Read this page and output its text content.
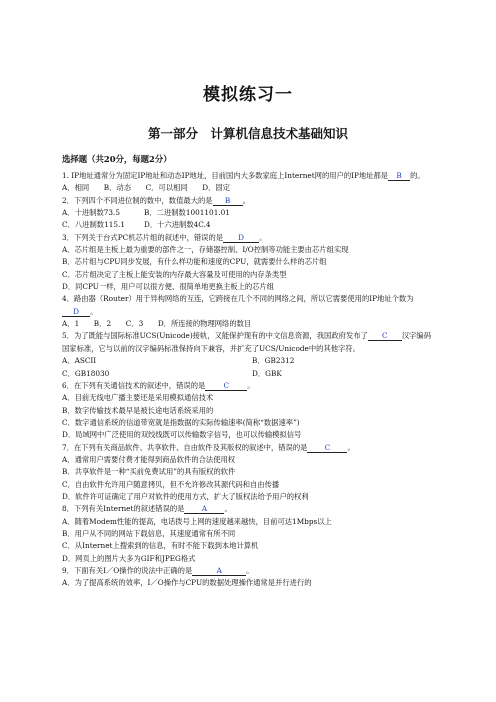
模拟练习一
第一部分　计算机信息技术基础知识
选择题（共20分，每题2分）
1. IP地址通常分为固定IP地址和动态IP地址，目前国内大多数家庭上Internet网的用户的IP地址都是 B 的。
A．相同　　B．动态　　C．可以相同　　D．固定
2．下列四个不同进位制的数中，数值最大的是 B 。
A．十进制数73.5	B．二进制数1001101.01
C．八进制数115.1	D．十六进制数4C.4
3．下列关于台式PC机芯片组的叙述中，错误的是 D 。
A．芯片组是主板上最为重要的部件之一，存储器控制、I/O控制等功能主要由芯片组实现
B．芯片组与CPU同步发展，有什么样功能和速度的CPU，就需要什么样的芯片组
C．芯片组决定了主板上能安装的内存最大容量及可使用的内存条类型
D．同CPU一样，用户可以很方便、很简单地更换主板上的芯片组
4．路由器（Router）用于异构网络的互连，它跨接在几个不同的网络之间，所以它需要使用的IP地址个数为D 。
A．1　　B．2　　C．3　　D．所连接的物理网络的数目
5．为了既能与国际标准UCS(Unicode)接轨，又能保护现有的中文信息资源，我国政府发布了 C 汉字编码国家标准，它与以前的汉字编码标准保持向下兼容，并扩充了UCS/Unicode中的其他字符。
A．ASCII	B．GB2312
C．GB18030	D．GBK
6．在下列有关通信技术的叙述中，错误的是 C 。
A．目前无线电广播主要还是采用模拟通信技术
B．数字传输技术最早是被长途电话系统采用的
C．数字通信系统的信道带宽就是指数据的实际传输速率(简称“数据速率”)
D．局域网中广泛使用的双绞线既可以传输数字信号，也可以传输模拟信号
7．在下列有关商品软件、共享软件、自由软件及其版权的叙述中，错误的是 C 。
A．通常用户需要付费才能得到商品软件的合法使用权
B．共享软件是一种“买前免费试用”的具有版权的软件
C．自由软件允许用户随意拷贝，但不允许修改其源代码和自由传播
D．软件许可证确定了用户对软件的使用方式，扩大了版权法给予用户的权利
8．下列有关Internet的叙述错误的是 A 。
A．随着Modem性能的提高，电话拨号上网的速度越来越快，目前可达1Mbps以上
B．用户从不同的网站下载信息，其速度通常有所不同
C．从Internet上搜索到的信息，有时不能下载到本地计算机
D．网页上的图片大多为GIF和JPEG格式
9．下面有关I／O操作的说法中正确的是	A	。
A．为了提高系统的效率，I／O操作与CPU的数据处理操作通常是并行进行的
